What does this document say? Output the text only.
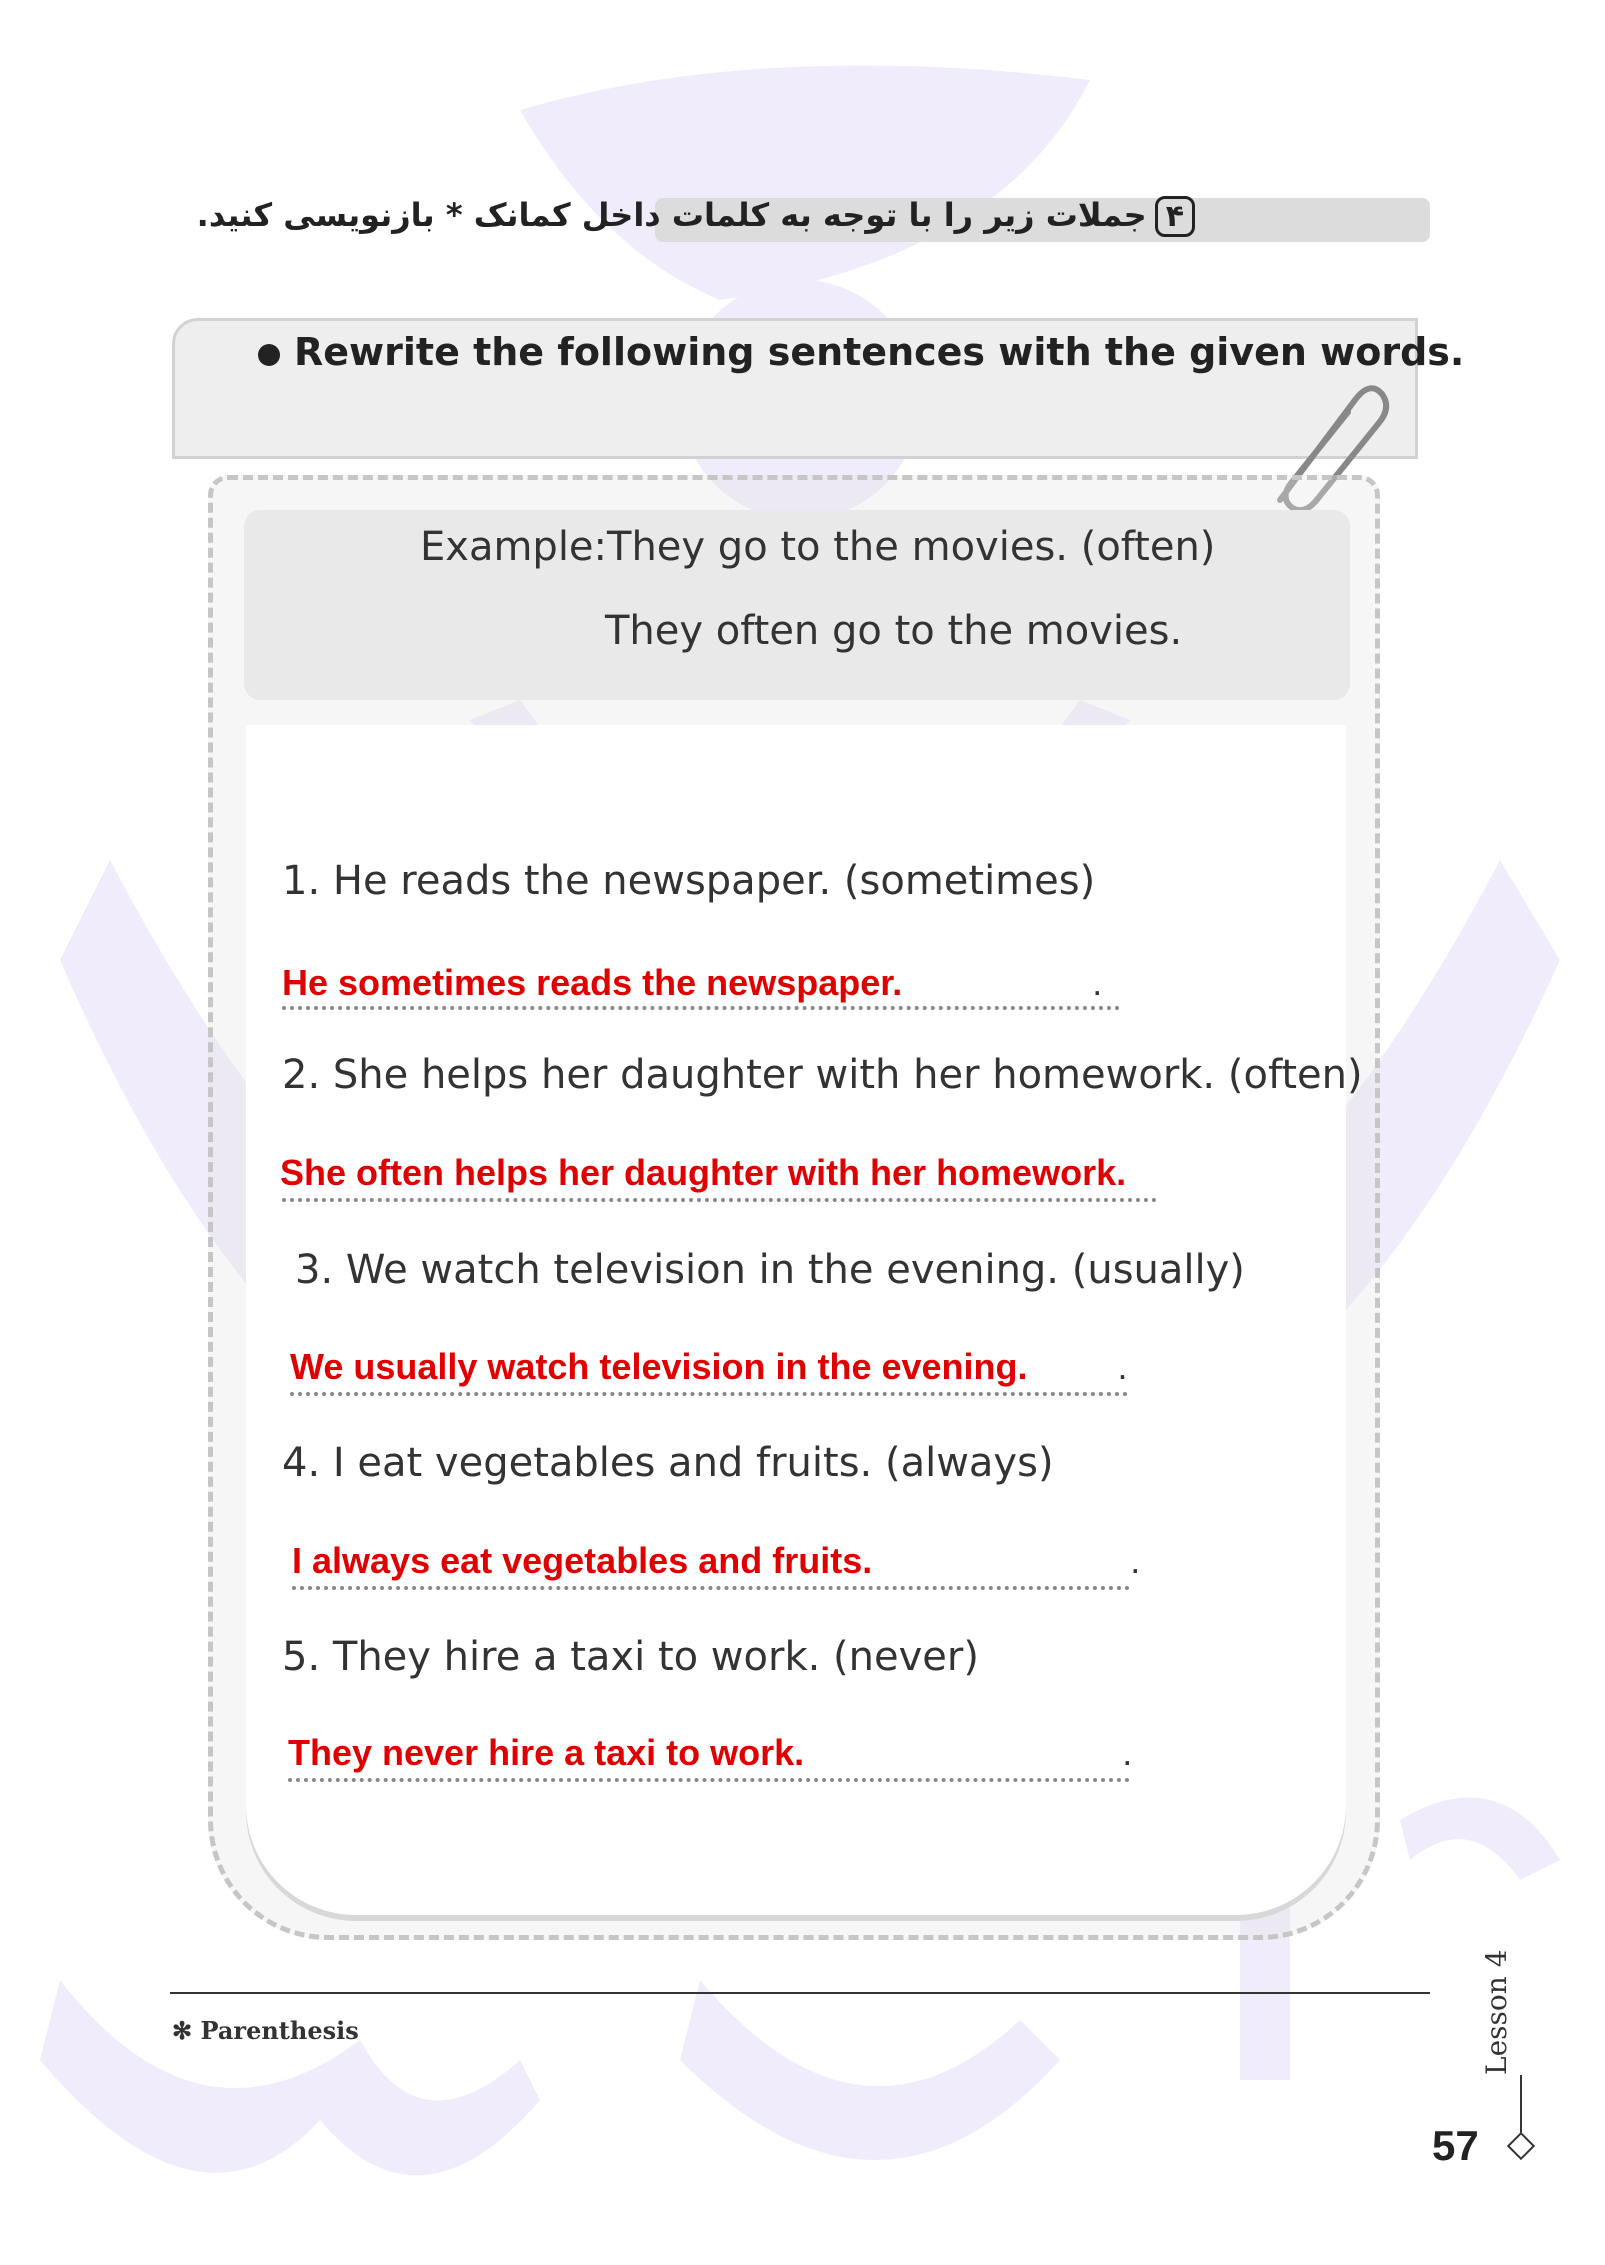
۴جملات زیر را با توجه به کلمات داخل کمانک * بازنویسی کنید.
Rewrite the following sentences with the given words.
Example:They go to the movies. (often)
They often go to the movies.
1. He reads the newspaper. (sometimes)
He sometimes reads the newspaper.	.
2. She helps her daughter with her homework. (often)
She often helps her daughter with her homework.
3. We watch television in the evening. (usually)
We usually watch television in the evening.	.
4. I eat vegetables and fruits. (always)
I always eat vegetables and fruits.	.
5. They hire a taxi to work. (never)
They never hire a taxi to work.	.
✻ Parenthesis	Lesson 4
57
